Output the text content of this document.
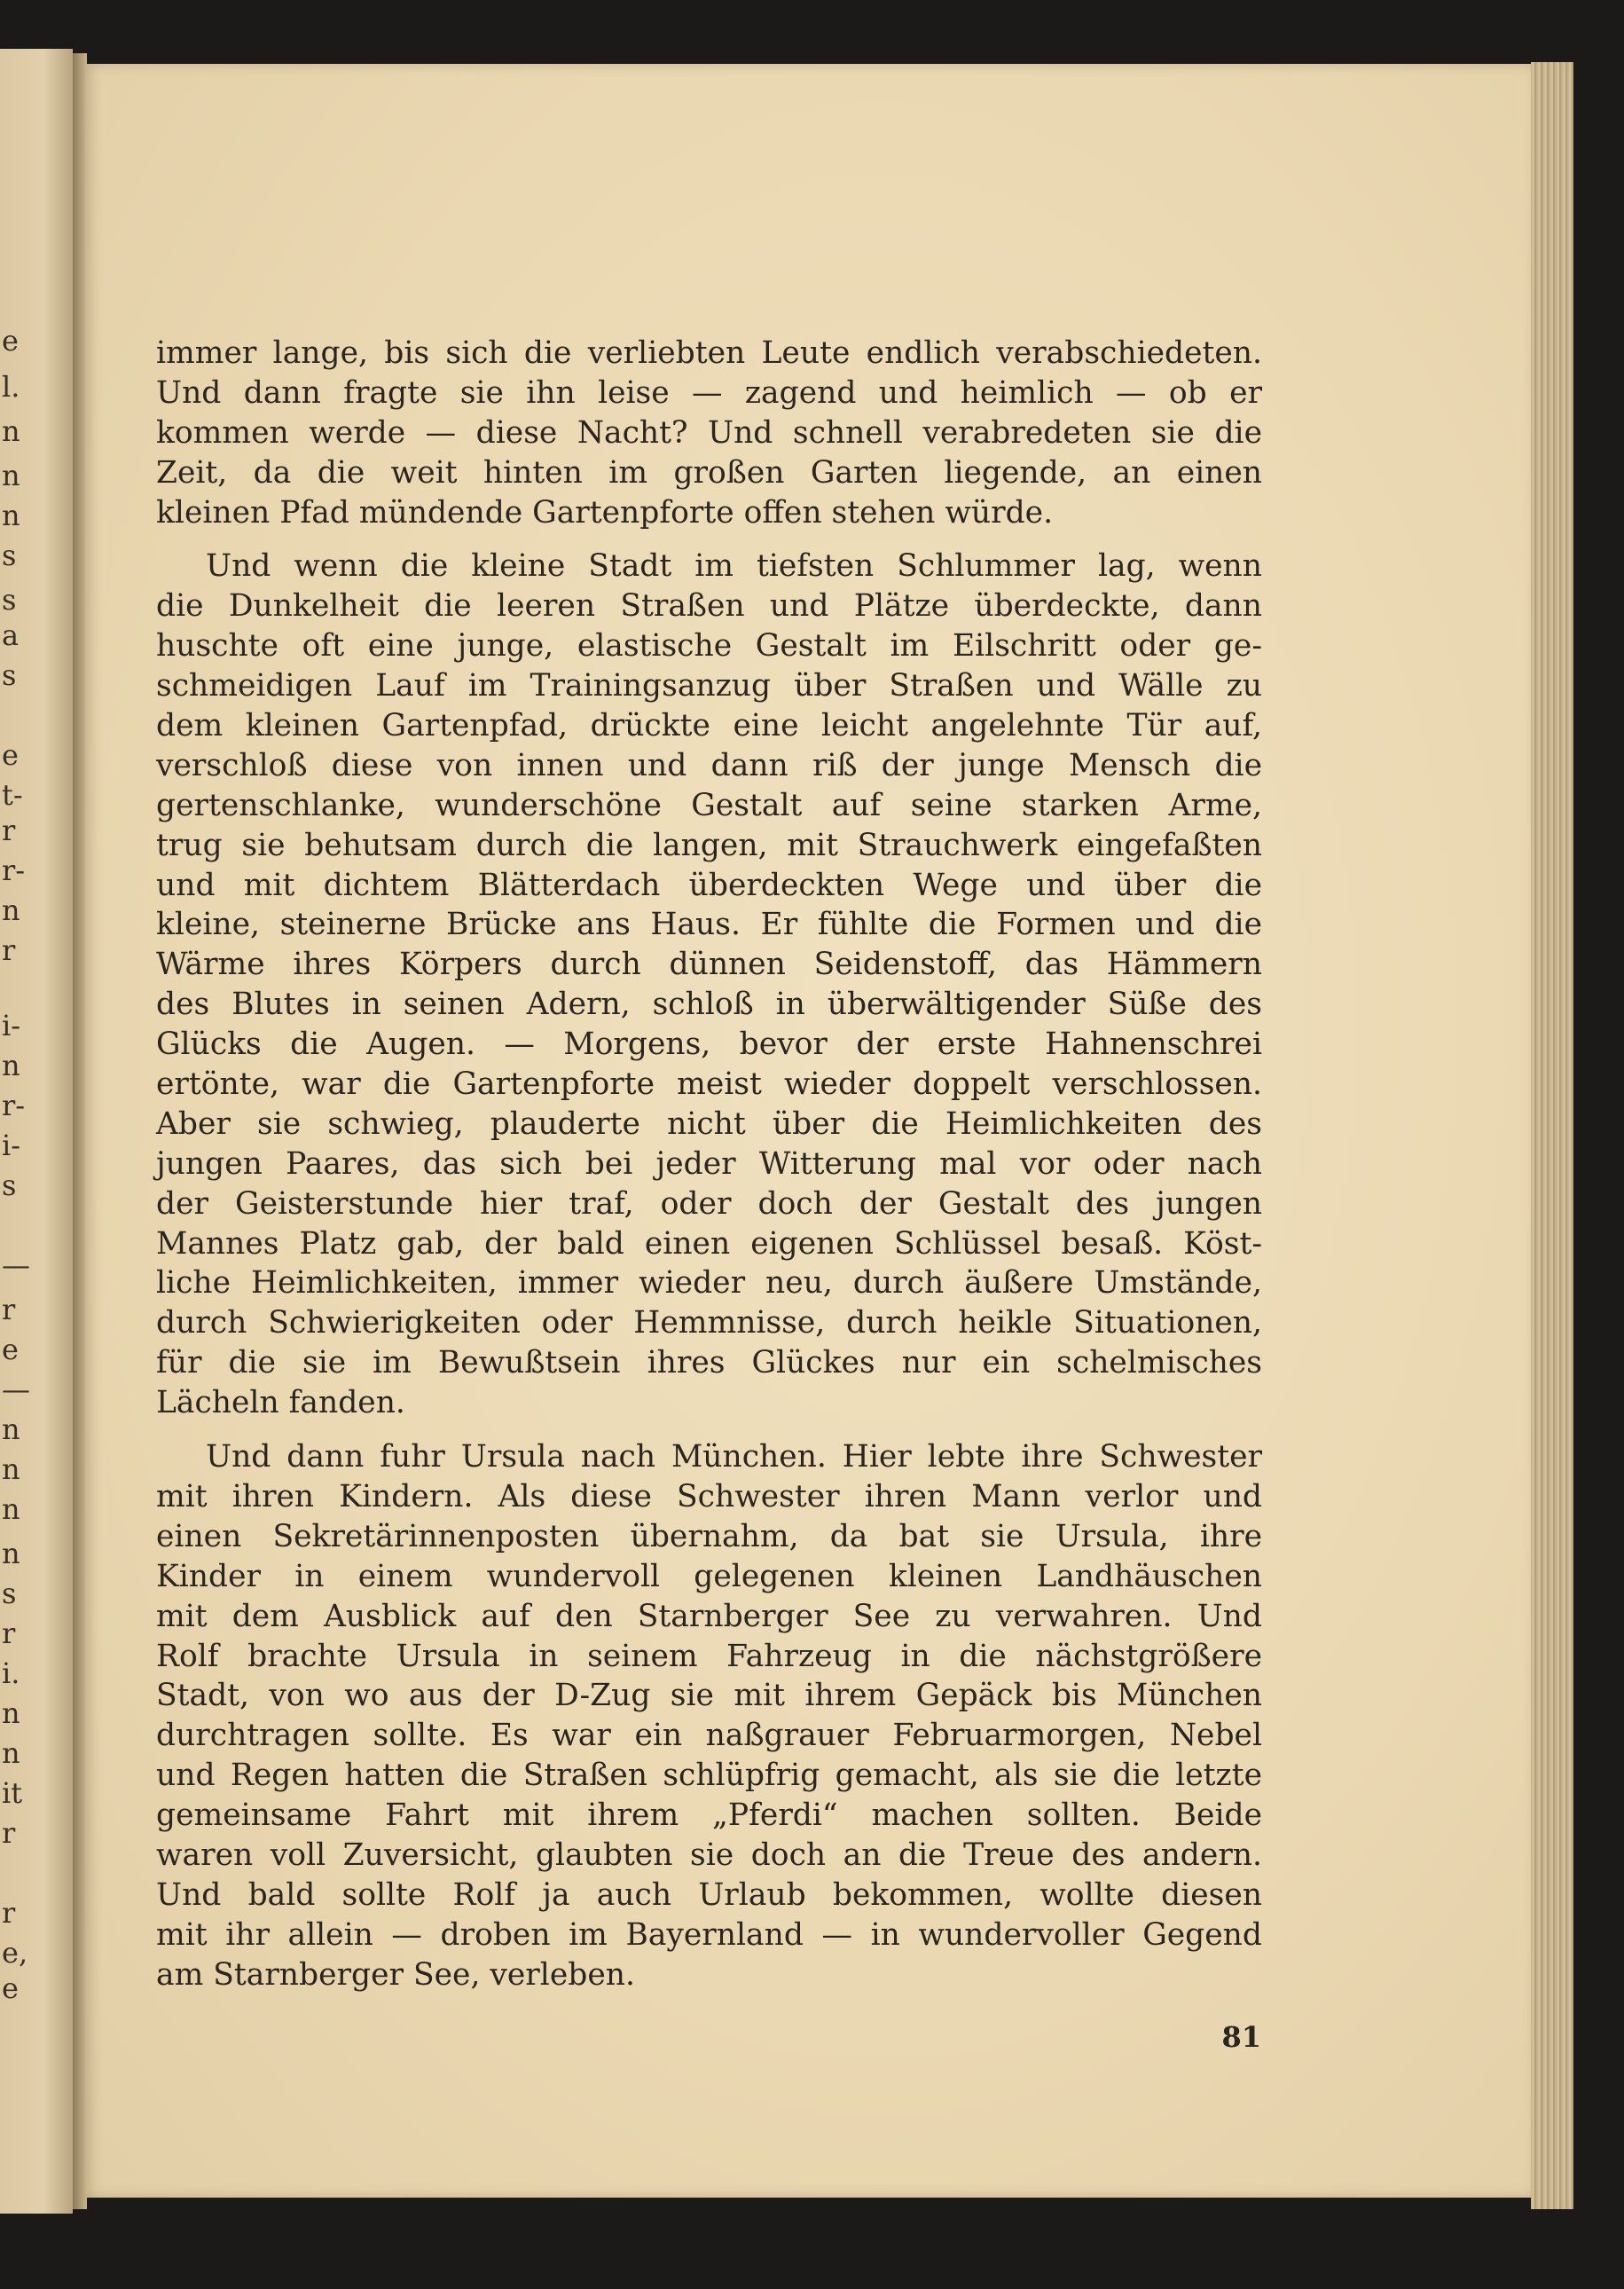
e
l.
n
n
n
s
s
a
s
e
t-
r
r-
n
r
i-
n
r-
i-
s
—
r
e
—
n
n
n
n
s
r
i.
n
n
it
r
r
e,
e
immer lange, bis sich die verliebten Leute endlich verabschiedeten.
Und dann fragte sie ihn leise — zagend und heimlich — ob er
kommen werde — diese Nacht? Und schnell verabredeten sie die
Zeit, da die weit hinten im großen Garten liegende, an einen
kleinen Pfad mündende Gartenpforte offen stehen würde.
Und wenn die kleine Stadt im tiefsten Schlummer lag, wenn
die Dunkelheit die leeren Straßen und Plätze überdeckte, dann
huschte oft eine junge, elastische Gestalt im Eilschritt oder ge-
schmeidigen Lauf im Trainingsanzug über Straßen und Wälle zu
dem kleinen Gartenpfad, drückte eine leicht angelehnte Tür auf,
verschloß diese von innen und dann riß der junge Mensch die
gertenschlanke, wunderschöne Gestalt auf seine starken Arme,
trug sie behutsam durch die langen, mit Strauchwerk eingefaßten
und mit dichtem Blätterdach überdeckten Wege und über die
kleine, steinerne Brücke ans Haus. Er fühlte die Formen und die
Wärme ihres Körpers durch dünnen Seidenstoff, das Hämmern
des Blutes in seinen Adern, schloß in überwältigender Süße des
Glücks die Augen. — Morgens, bevor der erste Hahnenschrei
ertönte, war die Gartenpforte meist wieder doppelt verschlossen.
Aber sie schwieg, plauderte nicht über die Heimlichkeiten des
jungen Paares, das sich bei jeder Witterung mal vor oder nach
der Geisterstunde hier traf, oder doch der Gestalt des jungen
Mannes Platz gab, der bald einen eigenen Schlüssel besaß. Köst-
liche Heimlichkeiten, immer wieder neu, durch äußere Umstände,
durch Schwierigkeiten oder Hemmnisse, durch heikle Situationen,
für die sie im Bewußtsein ihres Glückes nur ein schelmisches
Lächeln fanden.
Und dann fuhr Ursula nach München. Hier lebte ihre Schwester
mit ihren Kindern. Als diese Schwester ihren Mann verlor und
einen Sekretärinnenposten übernahm, da bat sie Ursula, ihre
Kinder in einem wundervoll gelegenen kleinen Landhäuschen
mit dem Ausblick auf den Starnberger See zu verwahren. Und
Rolf brachte Ursula in seinem Fahrzeug in die nächstgrößere
Stadt, von wo aus der D-Zug sie mit ihrem Gepäck bis München
durchtragen sollte. Es war ein naßgrauer Februarmorgen, Nebel
und Regen hatten die Straßen schlüpfrig gemacht, als sie die letzte
gemeinsame Fahrt mit ihrem „Pferdi“ machen sollten. Beide
waren voll Zuversicht, glaubten sie doch an die Treue des andern.
Und bald sollte Rolf ja auch Urlaub bekommen, wollte diesen
mit ihr allein — droben im Bayernland — in wundervoller Gegend
am Starnberger See, verleben.
81
